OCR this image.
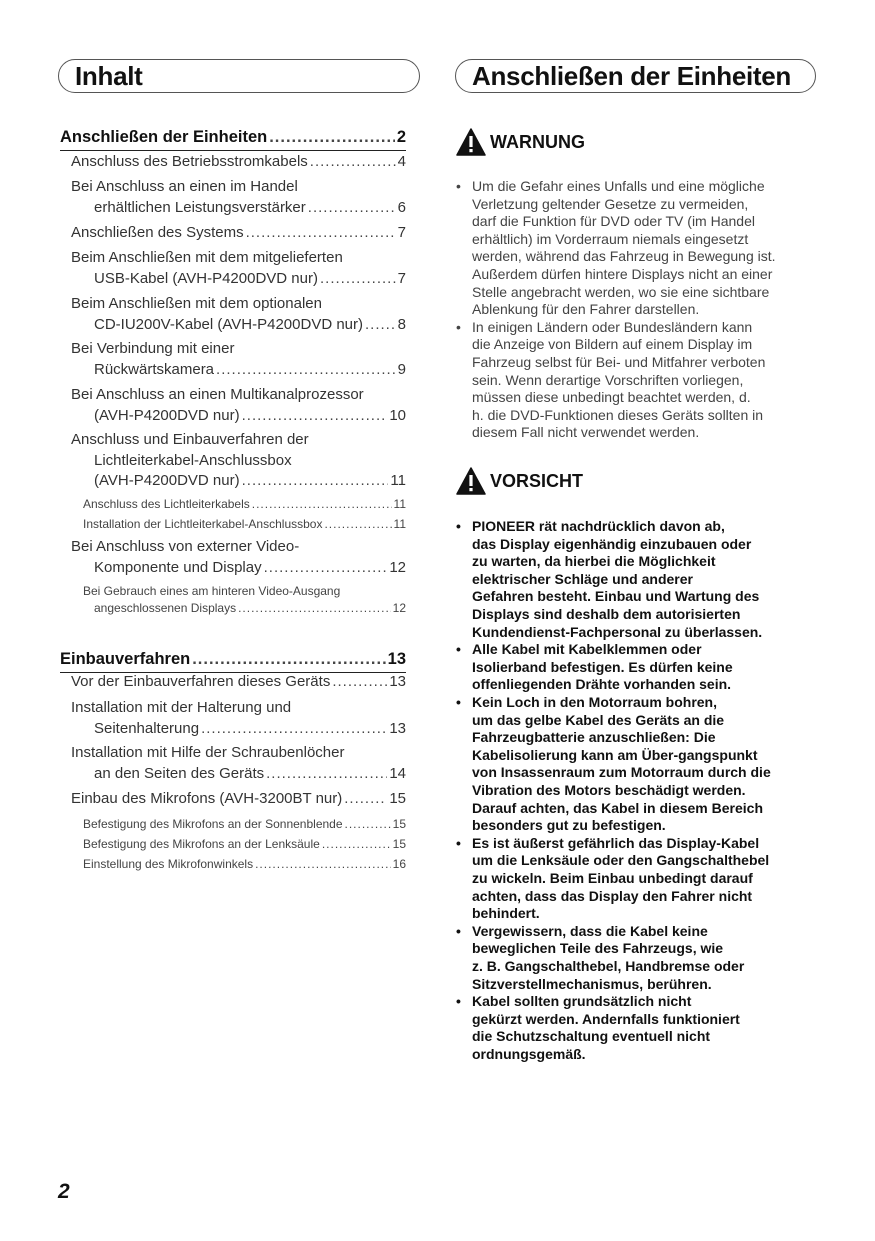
Inhalt	Anschließen der Einheiten
Anschließen der Einheiten .....	2
Anschluss des Betriebsstromkabels .....	4
Bei Anschluss an einen im Handel
erhältlichen Leistungsverstärker .....	6
Anschließen des Systems .....	7
Beim Anschließen mit dem mitgelieferten
USB-Kabel (AVH-P4200DVD nur) .....	7
Beim Anschließen mit dem optionalen
CD-IU200V-Kabel (AVH-P4200DVD nur) ..... 8
Bei Verbindung mit einer
Rückwärtskamera .....	9
Bei Anschluss an einen Multikanalprozessor
(AVH-P4200DVD nur) .....	10
Anschluss und Einbauverfahren der
Lichtleiterkabel-Anschlussbox
(AVH-P4200DVD nur) .....	11
Anschluss des Lichtleiterkabels .....	11
Installation der Lichtleiterkabel-Anschlussbox .....	11
Bei Anschluss von externer Video-
Komponente und Display .....	12
Bei Gebrauch eines am hinteren Video-Ausgang
angeschlossenen Displays .....	12
Einbauverfahren .....	13
Vor der Einbauverfahren dieses Geräts .....	13
Installation mit der Halterung und
Seitenhalterung .....	13
Installation mit Hilfe der Schraubenlöcher
an den Seiten des Geräts .....	14
Einbau des Mikrofons (AVH-3200BT nur) .....	15
Befestigung des Mikrofons an der Sonnenblende .....	15
Befestigung des Mikrofons an der Lenksäule .....	15
Einstellung des Mikrofonwinkels .....	16
WARNUNG
• Um die Gefahr eines Unfalls und eine mögliche
Verletzung geltender Gesetze zu vermeiden,
darf die Funktion für DVD oder TV (im Handel
erhältlich) im Vorderraum niemals eingesetzt
werden, während das Fahrzeug in Bewegung ist.
Außerdem dürfen hintere Displays nicht an einer
Stelle angebracht werden, wo sie eine sichtbare
Ablenkung für den Fahrer darstellen.
• In einigen Ländern oder Bundesländern kann
die Anzeige von Bildern auf einem Display im
Fahrzeug selbst für Bei- und Mitfahrer verboten
sein. Wenn derartige Vorschriften vorliegen,
müssen diese unbedingt beachtet werden, d.
h. die DVD-Funktionen dieses Geräts sollten in
diesem Fall nicht verwendet werden.
VORSICHT
• PIONEER rät nachdrücklich davon ab,
das Display eigenhändig einzubauen oder
zu warten, da hierbei die Möglichkeit
elektrischer Schläge und anderer
Gefahren besteht. Einbau und Wartung des
Displays sind deshalb dem autorisierten
Kundendienst-Fachpersonal zu überlassen.
• Alle Kabel mit Kabelklemmen oder
Isolierband befestigen. Es dürfen keine
offenliegenden Drähte vorhanden sein.
• Kein Loch in den Motorraum bohren,
um das gelbe Kabel des Geräts an die
Fahrzeugbatterie anzuschließen: Die
Kabelisolierung kann am Über-gangspunkt
von Insassenraum zum Motorraum durch die
Vibration des Motors beschädigt werden.
Darauf achten, das Kabel in diesem Bereich
besonders gut zu befestigen.
• Es ist äußerst gefährlich das Display-Kabel
um die Lenksäule oder den Gangschalthebel
zu wickeln. Beim Einbau unbedingt darauf
achten, dass das Display den Fahrer nicht
behindert.
• Vergewissern, dass die Kabel keine
beweglichen Teile des Fahrzeugs, wie
z. B. Gangschalthebel, Handbremse oder
Sitzverstellmechanismus, berühren.
• Kabel sollten grundsätzlich nicht
gekürzt werden. Andernfalls funktioniert
die Schutzschaltung eventuell nicht
ordnungsgemäß.
2
